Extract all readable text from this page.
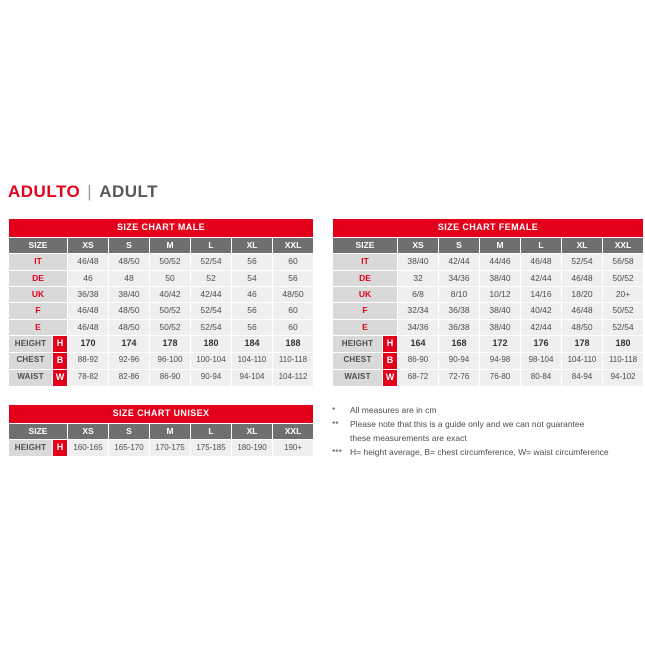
ADULTO | ADULT
SIZE CHART MALE							
SIZE		XS	S	M	L	XL	XXL
IT		46/48	48/50	50/52	52/54	56	60
DE		46	48	50	52	54	56
UK		36/38	38/40	40/42	42/44	46	48/50
F		46/48	48/50	50/52	52/54	56	60
E		46/48	48/50	50/52	52/54	56	60
HEIGHT	H	170	174	178	180	184	188
CHEST	B	88-92	92-96	96-100	100-104	104-110	110-118
WAIST	W	78-82	82-86	86-90	90-94	94-104	104-112
SIZE CHART FEMALE							
SIZE		XS	S	M	L	XL	XXL
IT		38/40	42/44	44/46	46/48	52/54	56/58
DE		32	34/36	38/40	42/44	46/48	50/52
UK		6/8	8/10	10/12	14/16	18/20	20+
F		32/34	36/38	38/40	40/42	46/48	50/52
E		34/36	36/38	38/40	42/44	48/50	52/54
HEIGHT	H	164	168	172	176	178	180
CHEST	B	86-90	90-94	94-98	98-104	104-110	110-118
WAIST	W	68-72	72-76	76-80	80-84	84-94	94-102
SIZE CHART UNISEX							
SIZE		XS	S	M	L	XL	XXL
HEIGHT	H	160-165	165-170	170-175	175-185	180-190	190+
*	All measures are in cm
**	Please note that this is a guide only and we can not guarantee
these measurements are exact
*** H= height average, B= chest circumference, W= waist circumference
